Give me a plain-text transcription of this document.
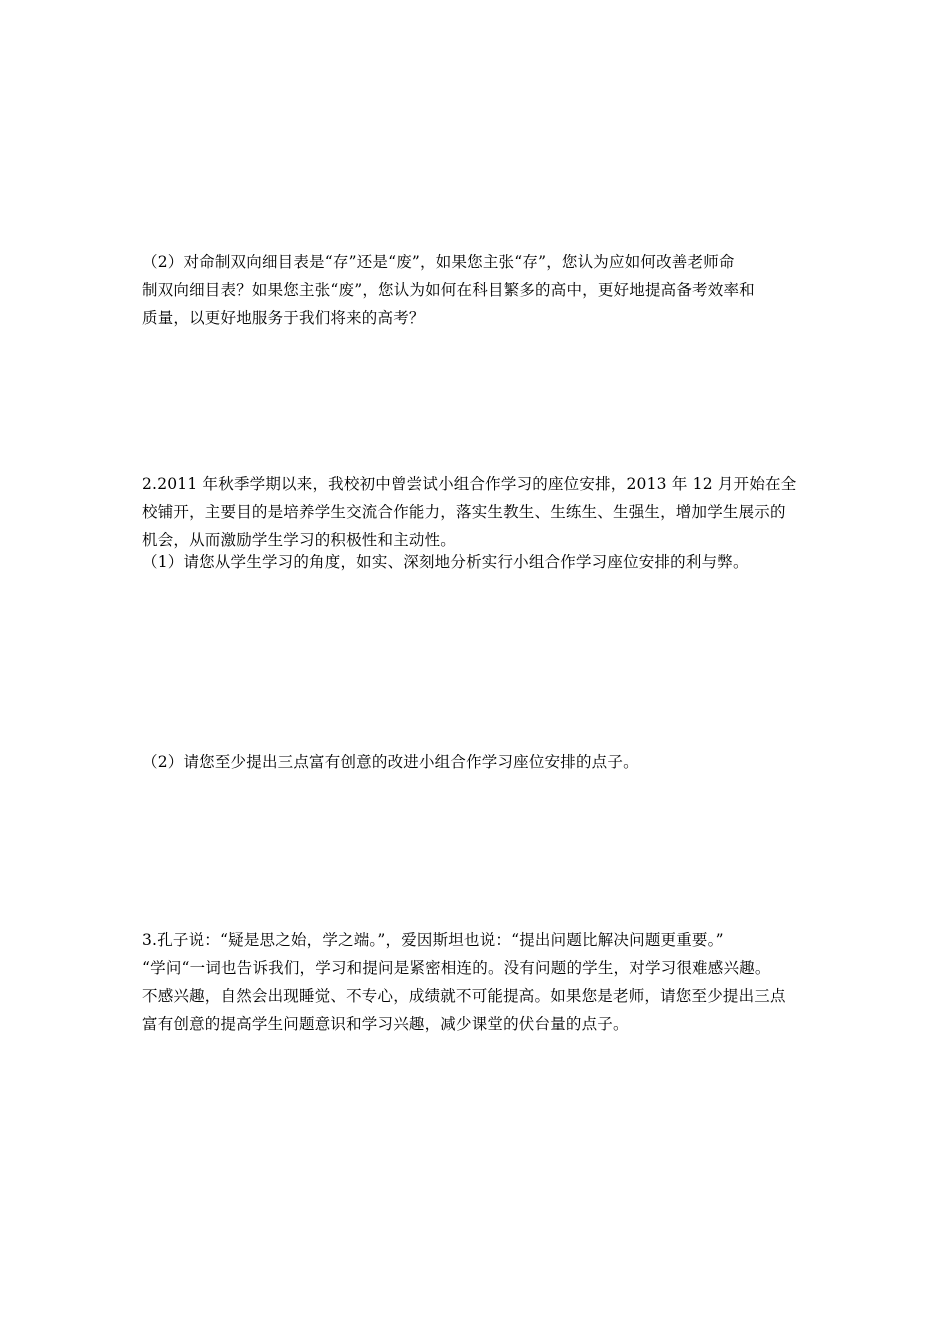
（2）对命制双向细目表是“存”还是“废”，如果您主张“存”，您认为应如何改善老师命
制双向细目表？如果您主张“废”，您认为如何在科目繁多的高中，更好地提高备考效率和
质量，以更好地服务于我们将来的高考？
2.2011 年秋季学期以来，我校初中曾尝试小组合作学习的座位安排，2013 年 12 月开始在全
校铺开，主要目的是培养学生交流合作能力，落实生教生、生练生、生强生，增加学生展示的
机会，从而激励学生学习的积极性和主动性。
（1）请您从学生学习的角度，如实、深刻地分析实行小组合作学习座位安排的利与弊。
（2）请您至少提出三点富有创意的改进小组合作学习座位安排的点子。
3.孔子说：“疑是思之始，学之端。”，爱因斯坦也说：“提出问题比解决问题更重要。”
“学问“一词也告诉我们，学习和提问是紧密相连的。没有问题的学生，对学习很难感兴趣。
不感兴趣，自然会出现睡觉、不专心，成绩就不可能提高。如果您是老师，请您至少提出三点
富有创意的提高学生问题意识和学习兴趣，减少课堂的伏台量的点子。
